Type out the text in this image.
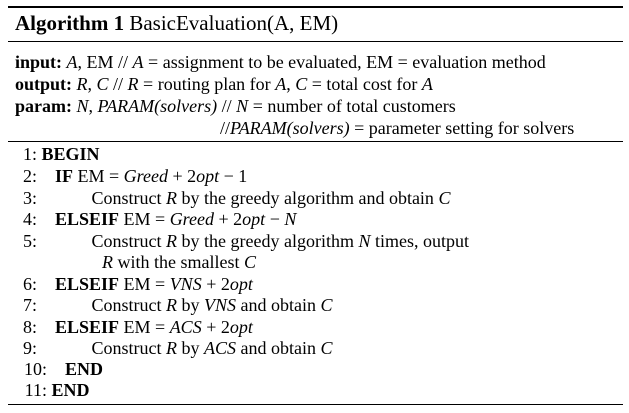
Algorithm 1 BasicEvaluation(A, EM)
input: A, EM // A = assignment to be evaluated, EM = evaluation method
output: R, C // R = routing plan for A, C = total cost for A
param: N, PARAM(solvers) // N = number of total customers
//PARAM(solvers) = parameter setting for solvers
1: BEGIN
2: IF EM = Greed + 2opt − 1
3:	Construct R by the greedy algorithm and obtain C
4: ELSEIF EM = Greed + 2opt − N
5:	Construct R by the greedy algorithm N times, output
R with the smallest C
6: ELSEIF EM = VNS + 2opt
7:	Construct R by VNS and obtain C
8: ELSEIF EM = ACS + 2opt
9:	Construct R by ACS and obtain C
10: END
11: END
